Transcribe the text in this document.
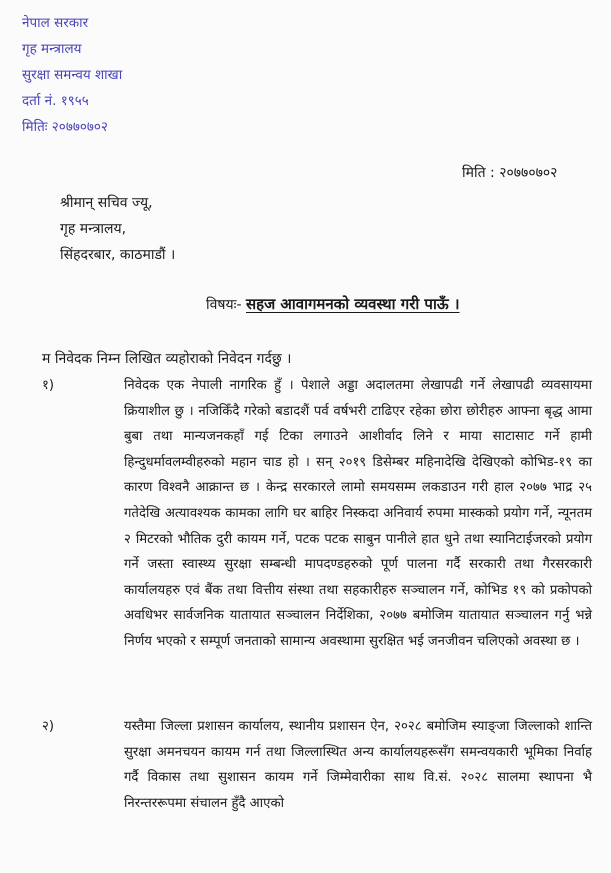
नेपाल सरकार
गृह मन्त्रालय
सुरक्षा समन्वय शाखा
दर्ता नं. १९५५
मितिः २०७७०७०२
मिति : २०७७०७०२
श्रीमान् सचिव ज्यू,
गृह मन्त्रालय,
सिंहदरबार, काठमाडौं ।
विषयः- सहज आवागमनको व्यवस्था गरी पाऊँ ।
म निवेदक निम्न लिखित व्यहोराको निवेदन गर्दछु ।
१)	निवेदक एक नेपाली नागरिक हुँ । पेशाले अड्डा अदालतमा लेखापढी गर्ने लेखापढी व्यवसायमा क्रियाशील छु । नजिकिँदै गरेको बडादशैं पर्व वर्षभरी टाढिएर रहेका छोरा छोरीहरु आफ्ना बृद्ध आमा बुबा तथा मान्यजनकहाँ गई टिका लगाउने आशीर्वाद लिने र माया साटासाट गर्ने हामी हिन्दुधर्मावलम्वीहरुको महान चाड हो । सन् २०१९ डिसेम्बर महिनादेखि देखिएको कोभिड-१९ का कारण विश्वनै आक्रान्त छ । केन्द्र सरकारले लामो समयसम्म लकडाउन गरी हाल २०७७ भाद्र २५ गतेदेखि अत्यावश्यक कामका लागि घर बाहिर निस्कदा अनिवार्य रुपमा मास्कको प्रयोग गर्ने, न्यूनतम २ मिटरको भौतिक दुरी कायम गर्ने, पटक पटक साबुन पानीले हात धुने तथा स्यानिटाईजरको प्रयोग गर्ने जस्ता स्वास्थ्य सुरक्षा सम्बन्धी मापदण्डहरुको पूर्ण पालना गर्दै सरकारी तथा गैरसरकारी कार्यालयहरु एवं बैंक तथा वित्तीय संस्था तथा सहकारीहरु सञ्चालन गर्ने, कोभिड १९ को प्रकोपको अवधिभर सार्वजनिक यातायात सञ्चालन निर्देशिका, २०७७ बमोजिम यातायात सञ्चालन गर्नु भन्ने निर्णय भएको र सम्पूर्ण जनताको सामान्य अवस्थामा सुरक्षित भई जनजीवन चलिएको अवस्था छ ।
२)	यस्तैमा जिल्ला प्रशासन कार्यालय, स्थानीय प्रशासन ऐन, २०२८ बमोजिम स्याङ्जा जिल्लाको शान्ति सुरक्षा अमनचयन कायम गर्न तथा जिल्लास्थित अन्य कार्यालयहरूसँग समन्वयकारी भूमिका निर्वाह गर्दै विकास तथा सुशासन कायम गर्ने जिम्मेवारीका साथ वि.सं. २०२८ सालमा स्थापना भै निरन्तररूपमा संचालन हुँदै आएको
